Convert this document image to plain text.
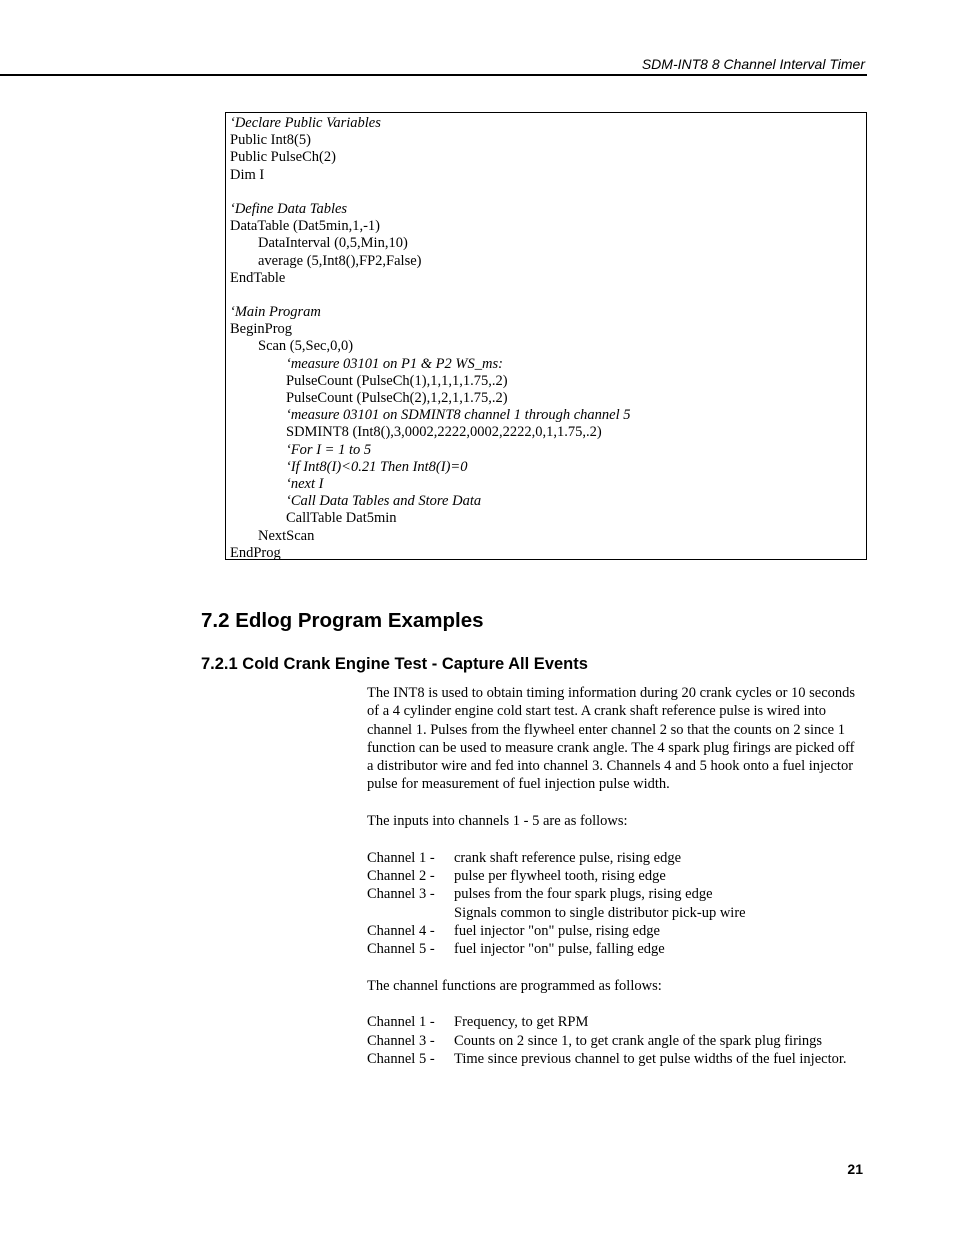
SDM-INT8 8 Channel Interval Timer
‘Declare Public Variables
Public Int8(5)
Public PulseCh(2)
Dim I
‘Define Data Tables
DataTable (Dat5min,1,-1)
DataInterval (0,5,Min,10)
average (5,Int8(),FP2,False)
EndTable
‘Main Program
BeginProg
Scan (5,Sec,0,0)
‘measure 03101 on P1 & P2 WS_ms:
PulseCount (PulseCh(1),1,1,1,1.75,.2)
PulseCount (PulseCh(2),1,2,1,1.75,.2)
‘measure 03101 on SDMINT8 channel 1 through channel 5
SDMINT8 (Int8(),3,0002,2222,0002,2222,0,1,1.75,.2)
‘For I = 1 to 5
‘If Int8(I)<0.21 Then Int8(I)=0
‘next I
‘Call Data Tables and Store Data
CallTable Dat5min
NextScan
EndProg
7.2 Edlog Program Examples
7.2.1 Cold Crank Engine Test - Capture All Events

The INT8 is used to obtain timing information during 20 crank cycles or 10 seconds of a 4 cylinder engine cold start test. A crank shaft reference pulse is wired into channel 1. Pulses from the flywheel enter channel 2 so that the counts on 2 since 1 function can be used to measure crank angle. The 4 spark plug firings are picked off a distributor wire and fed into channel 3. Channels 4 and 5 hook onto a fuel injector pulse for measurement of fuel injection pulse width.

The inputs into channels 1 - 5 are as follows:

Channel 1 -	crank shaft reference pulse, rising edge
Channel 2 -	pulse per flywheel tooth, rising edge
Channel 3 -	pulses from the four spark plugs, rising edge
Signals common to single distributor pick-up wire
Channel 4 -	fuel injector "on" pulse, rising edge
Channel 5 -	fuel injector "on" pulse, falling edge

The channel functions are programmed as follows:

Channel 1 -	Frequency, to get RPM
Channel 3 -	Counts on 2 since 1, to get crank angle of the spark plug firings
Channel 5 -	Time since previous channel to get pulse widths of the fuel injector.
21
